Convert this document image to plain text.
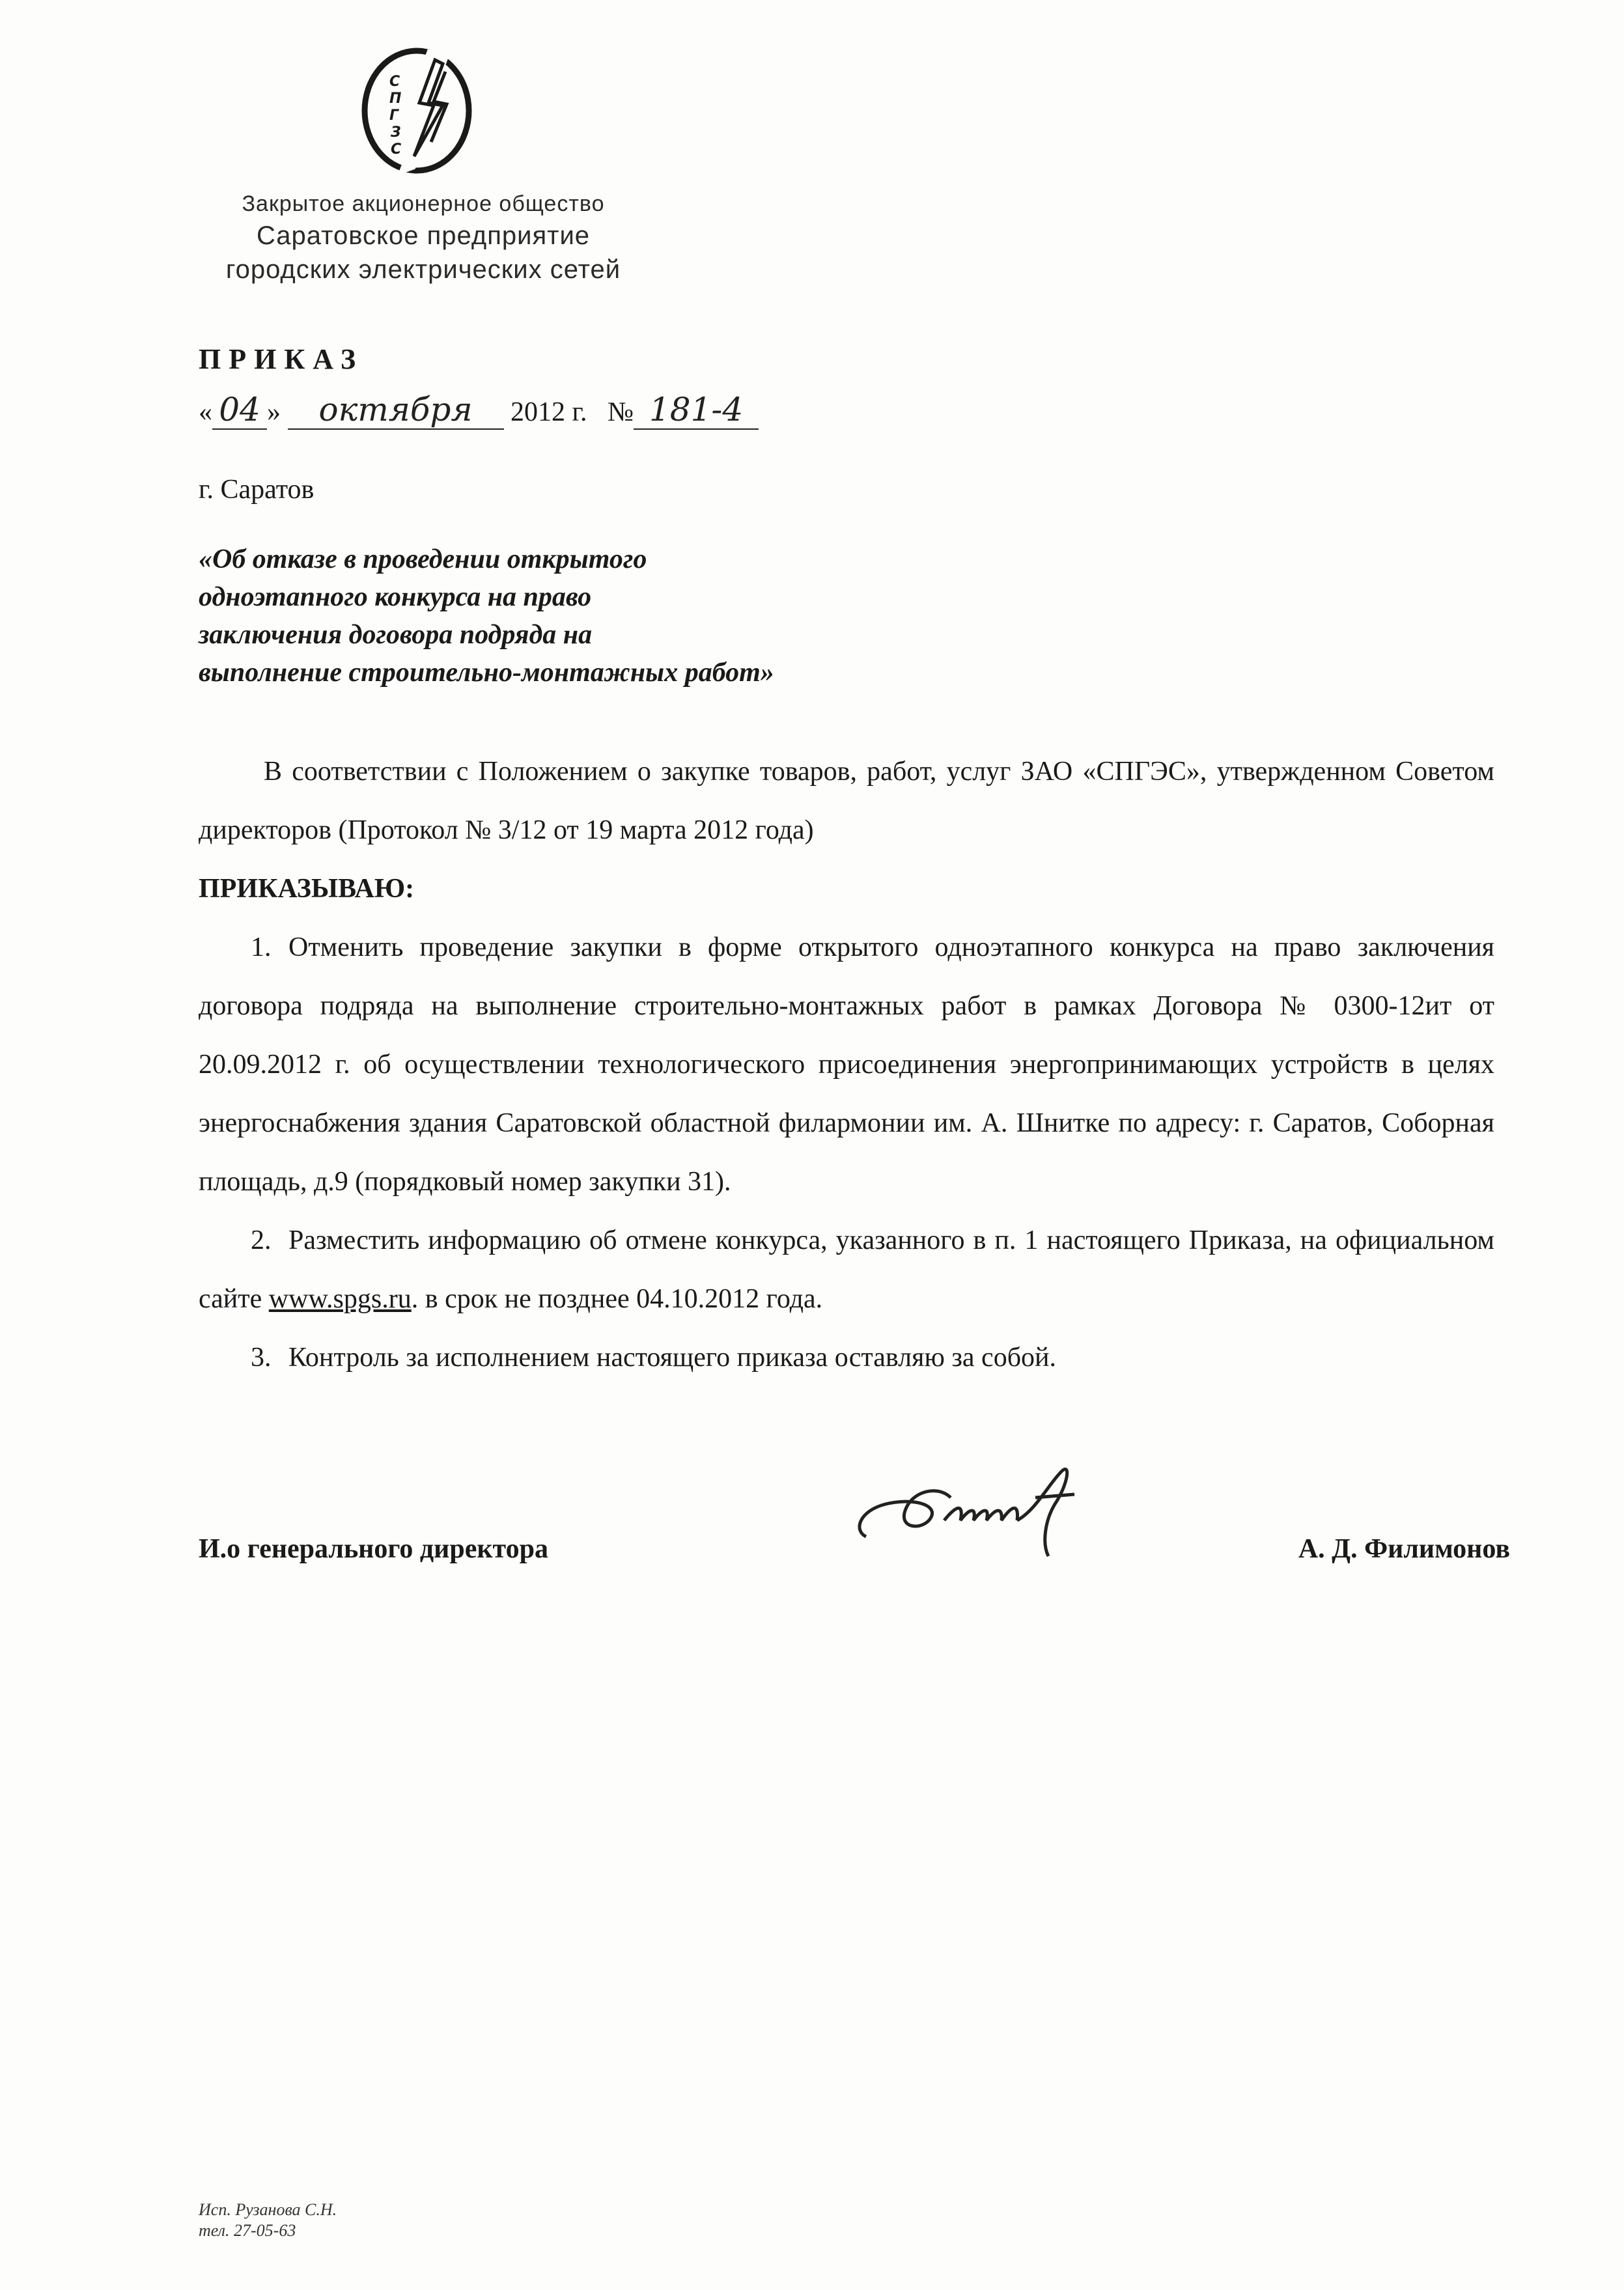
С П Г З С
Закрытое акционерное общество
Саратовское предприятие
городских электрических сетей
ПРИКАЗ
« 04 » октября 2012 г. № 181-4
г. Саратов
«Об отказе в проведении открытого
одноэтапного конкурса на право
заключения договора подряда на
выполнение строительно-монтажных работ»

В соответствии с Положением о закупке товаров, работ, услуг ЗАО «СПГЭС», утвержденном Советом директоров (Протокол № 3/12 от 19 марта 2012 года)

ПРИКАЗЫВАЮ:

1. Отменить проведение закупки в форме открытого одноэтапного конкурса на право заключения договора подряда на выполнение строительно-монтажных работ в рамках Договора № 0300-12ит от 20.09.2012 г. об осуществлении технологического присоединения энергопринимающих устройств в целях энергоснабжения здания Саратовской областной филармонии им. А. Шнитке по адресу: г. Саратов, Соборная площадь, д.9 (порядковый номер закупки 31).

2. Разместить информацию об отмене конкурса, указанного в п. 1 настоящего Приказа, на официальном сайте www.spgs.ru. в срок не позднее 04.10.2012 года.

3. Контроль за исполнением настоящего приказа оставляю за собой.

И.о генерального директора	А. Д. Филимонов
Исп. Рузанова С.Н.
тел. 27-05-63
